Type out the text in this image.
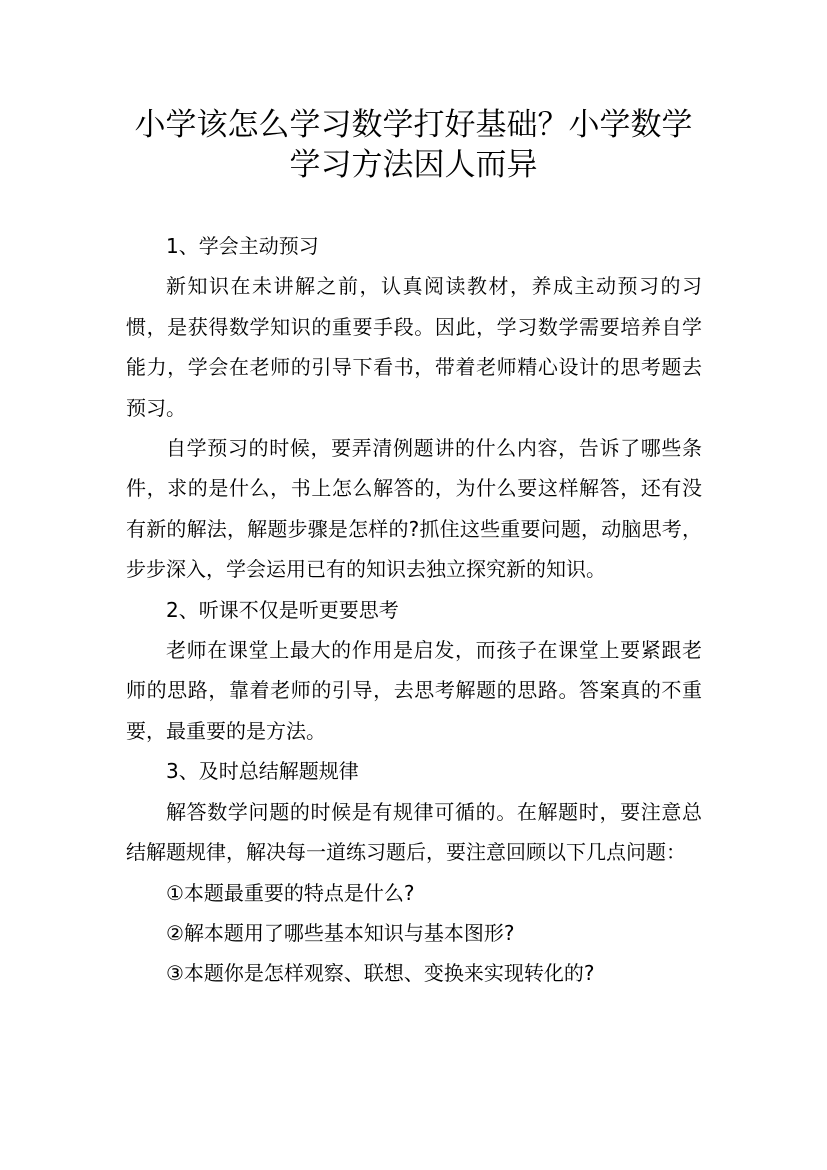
小学该怎么学习数学打好基础？小学数学
学习方法因人而异

1、学会主动预习

新知识在未讲解之前，认真阅读教材，养成主动预习的习惯，是获得数学知识的重要手段。因此，学习数学需要培养自学能力，学会在老师的引导下看书，带着老师精心设计的思考题去预习。

自学预习的时候，要弄清例题讲的什么内容，告诉了哪些条件，求的是什么，书上怎么解答的，为什么要这样解答，还有没有新的解法，解题步骤是怎样的?抓住这些重要问题，动脑思考，步步深入，学会运用已有的知识去独立探究新的知识。

2、听课不仅是听更要思考

老师在课堂上最大的作用是启发，而孩子在课堂上要紧跟老师的思路，靠着老师的引导，去思考解题的思路。答案真的不重要，最重要的是方法。

3、及时总结解题规律

解答数学问题的时候是有规律可循的。在解题时，要注意总结解题规律，解决每一道练习题后，要注意回顾以下几点问题：

①本题最重要的特点是什么?

②解本题用了哪些基本知识与基本图形?

③本题你是怎样观察、联想、变换来实现转化的?
